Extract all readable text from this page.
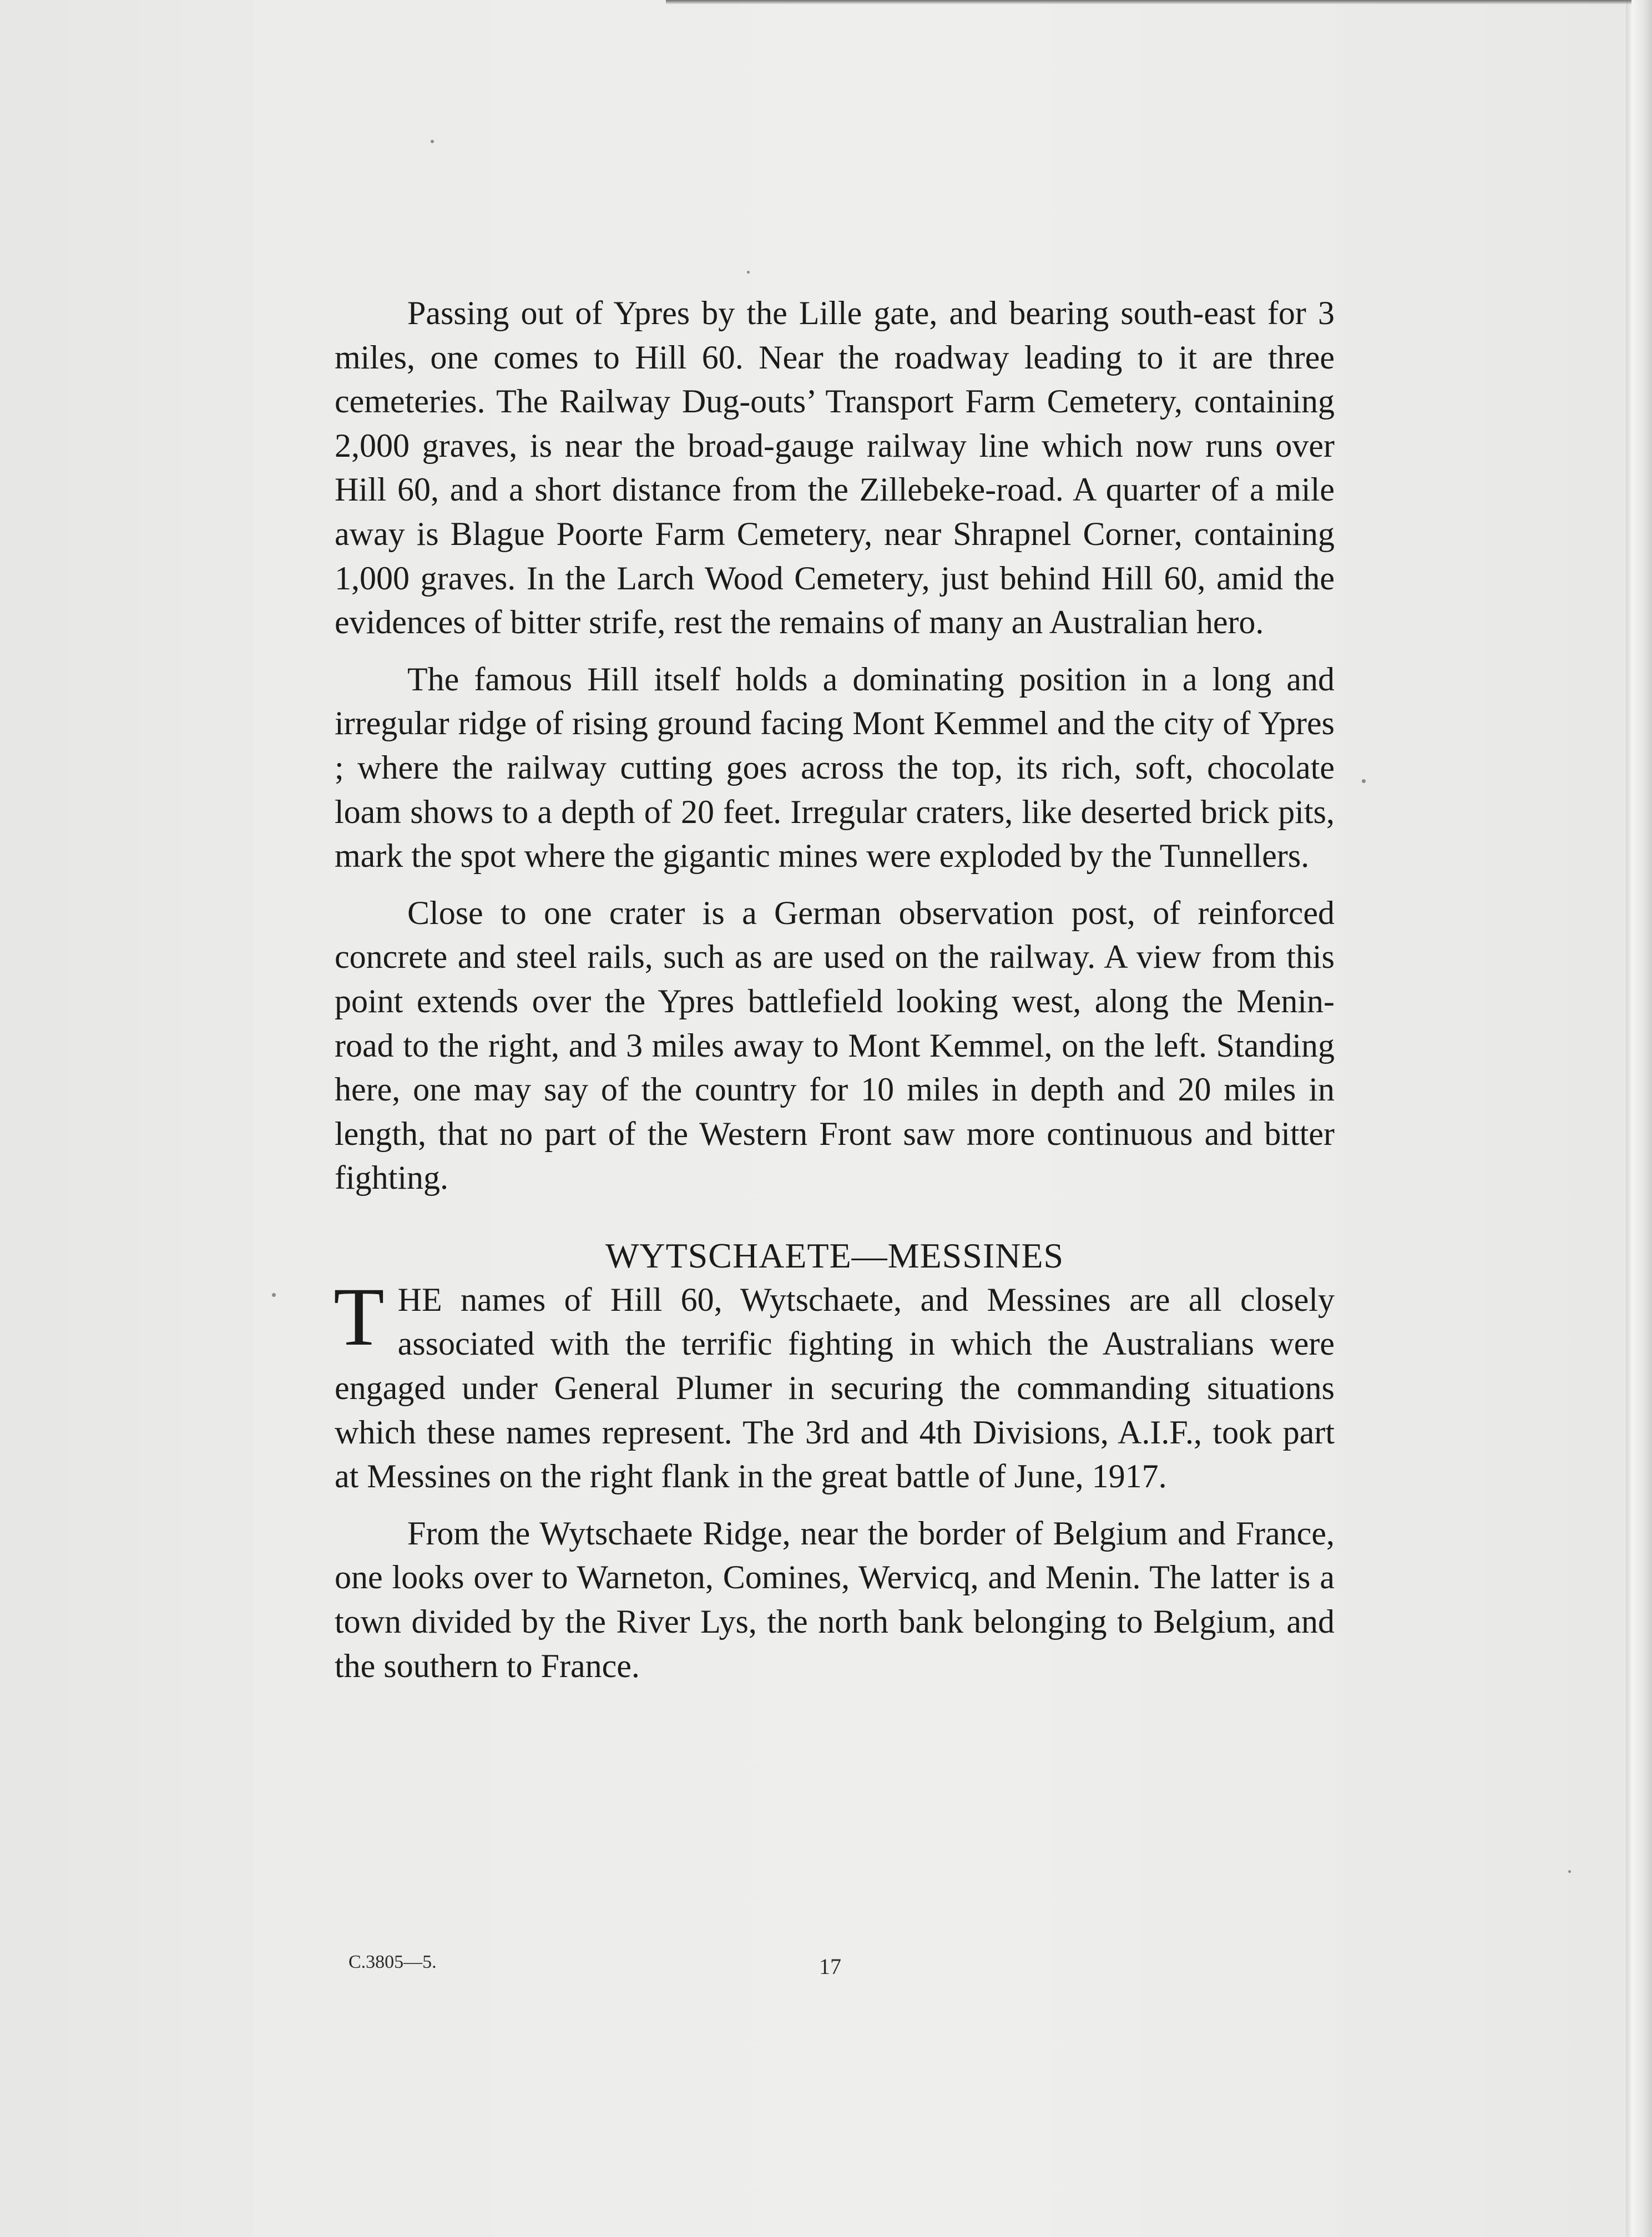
Passing out of Ypres by the Lille gate, and bearing south-east for 3 miles, one comes to Hill 60. Near the roadway leading to it are three cemeteries. The Railway Dug-outs’ Transport Farm Cemetery, containing 2,000 graves, is near the broad-gauge railway line which now runs over Hill 60, and a short distance from the Zillebeke-road. A quarter of a mile away is Blague Poorte Farm Cemetery, near Shrapnel Corner, containing 1,000 graves. In the Larch Wood Cemetery, just behind Hill 60, amid the evidences of bitter strife, rest the remains of many an Australian hero.

The famous Hill itself holds a dominating position in a long and irregular ridge of rising ground facing Mont Kemmel and the city of Ypres ; where the railway cutting goes across the top, its rich, soft, chocolate loam shows to a depth of 20 feet. Irregular craters, like deserted brick pits, mark the spot where the gigantic mines were exploded by the Tunnellers.

Close to one crater is a German observation post, of reinforced concrete and steel rails, such as are used on the railway. A view from this point extends over the Ypres battlefield looking west, along the Menin-road to the right, and 3 miles away to Mont Kemmel, on the left. Standing here, one may say of the country for 10 miles in depth and 20 miles in length, that no part of the Western Front saw more continuous and bitter fighting.

WYTSCHAETE—MESSINES

THE names of Hill 60, Wytschaete, and Messines are all closely associated with the terrific fighting in which the Australians were engaged under General Plumer in securing the commanding situations which these names represent. The 3rd and 4th Divisions, A.I.F., took part at Messines on the right flank in the great battle of June, 1917.

From the Wytschaete Ridge, near the border of Belgium and France, one looks over to Warneton, Comines, Wervicq, and Menin. The latter is a town divided by the River Lys, the north bank belonging to Belgium, and the southern to France.

C.3805—5.	17
